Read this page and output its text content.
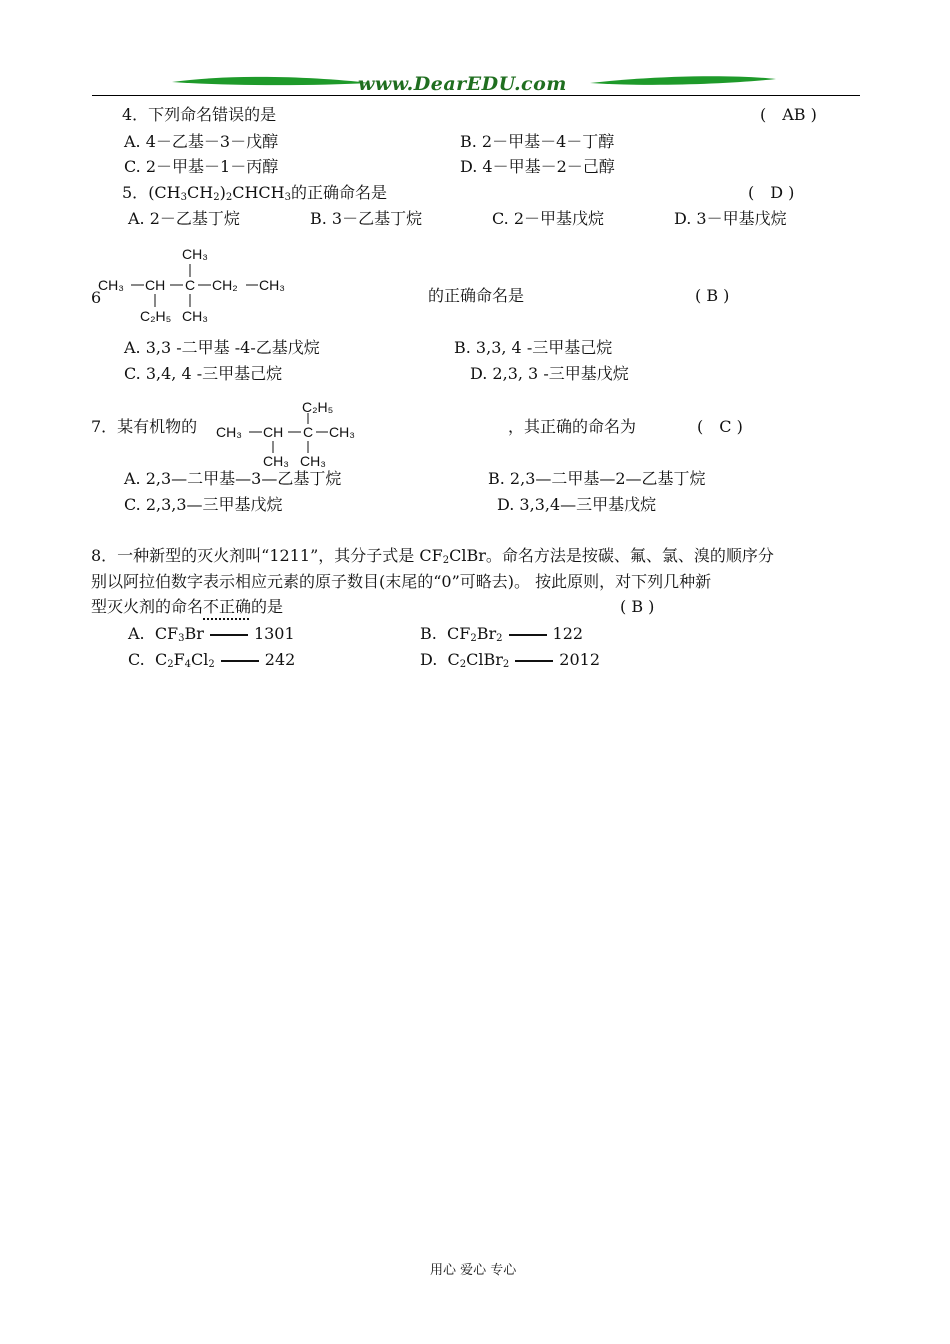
www.DearEDU.com
4．下列命名错误的是	(　AB )
A. 4－乙基－3－戊醇	B. 2－甲基－4－丁醇
C. 2－甲基－1－丙醇	D. 4－甲基－2－己醇
5．$(CH_3CH_2)_2CHCH_3$的正确命名是	(　D )
A. 2－乙基丁烷	B. 3－乙基丁烷	C. 2－甲基戊烷	D. 3－甲基戊烷
6
CH₃ CH C CH₂ CH₃
CH₃
CH₃
C₂H₅
的正确命名是	( B )
A. 3,3 -二甲基 -4-乙基戊烷	B. 3,3, 4 -三甲基己烷
C. 3,4, 4 -三甲基己烷	D. 2,3, 3 -三甲基戊烷
7．某有机物的 CH₃ CH C CH₃
C₂H₅
CH₃ CH₃
，其正确的命名为	(　C )
A. 2,3—二甲基—3—乙基丁烷	B. 2,3—二甲基—2—乙基丁烷
C. 2,3,3—三甲基戊烷	D. 3,3,4—三甲基戊烷
8．一种新型的灭火剂叫“1211”，其分子式是 $CF_2ClBr$。命名方法是按碳、氟、氯、溴的顺序分
别以阿拉伯数字表示相应元素的原子数目(末尾的“0”可略去)。 按此原则，对下列几种新
型灭火剂的命名不正确的是	( B )
A. $CF_3Br$	1301	B. $CF_2Br_2$	122
C. $C_2F_4Cl_2$	242	D. $C_2ClBr_2$	2012
用心 爱心 专心
